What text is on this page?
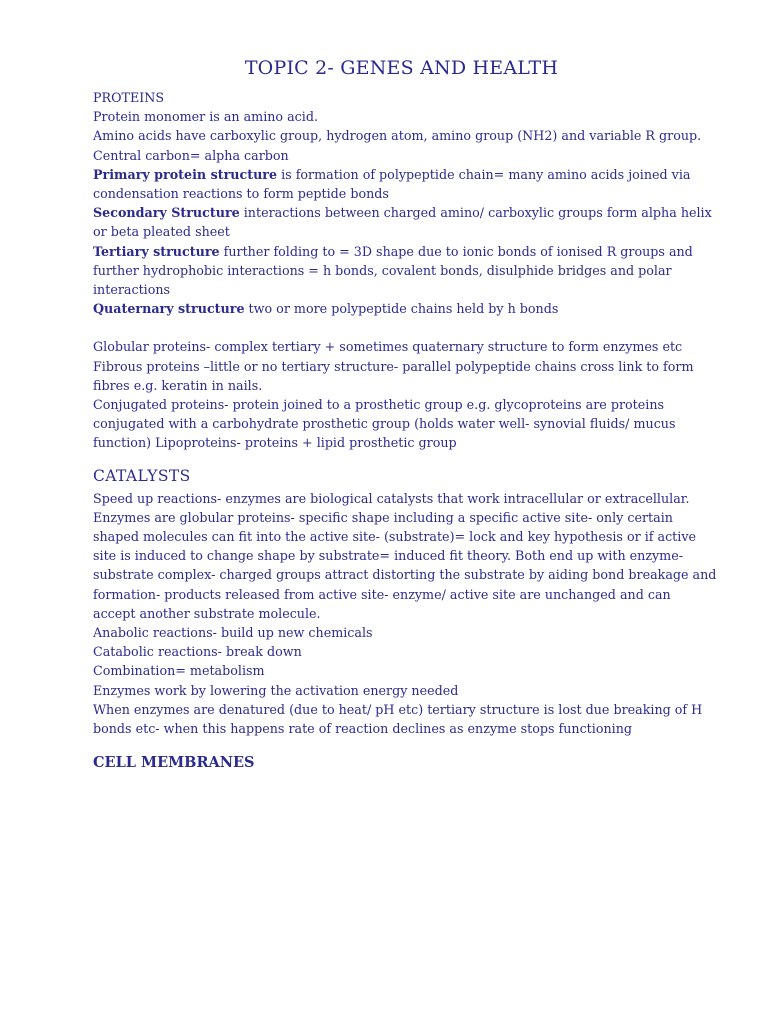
TOPIC 2- GENES AND HEALTH
PROTEINS
Protein monomer is an amino acid.
Amino acids have carboxylic group, hydrogen atom, amino group (NH2) and variable R group.
Central carbon= alpha carbon
Primary protein structure is formation of polypeptide chain= many amino acids joined via
condensation reactions to form peptide bonds
Secondary Structure interactions between charged amino/ carboxylic groups form alpha helix
or beta pleated sheet
Tertiary structure further folding to = 3D shape due to ionic bonds of ionised R groups and
further hydrophobic interactions = h bonds, covalent bonds, disulphide bridges and polar
interactions
Quaternary structure two or more polypeptide chains held by h bonds
Globular proteins- complex tertiary + sometimes quaternary structure to form enzymes etc
Fibrous proteins –little or no tertiary structure- parallel polypeptide chains cross link to form
fibres e.g. keratin in nails.
Conjugated proteins- protein joined to a prosthetic group e.g. glycoproteins are proteins
conjugated with a carbohydrate prosthetic group (holds water well- synovial fluids/ mucus
function) Lipoproteins- proteins + lipid prosthetic group
CATALYSTS
Speed up reactions- enzymes are biological catalysts that work intracellular or extracellular.
Enzymes are globular proteins- specific shape including a specific active site- only certain
shaped molecules can fit into the active site- (substrate)= lock and key hypothesis or if active
site is induced to change shape by substrate= induced fit theory. Both end up with enzyme-
substrate complex- charged groups attract distorting the substrate by aiding bond breakage and
formation- products released from active site- enzyme/ active site are unchanged and can
accept another substrate molecule.
Anabolic reactions- build up new chemicals
Catabolic reactions- break down
Combination= metabolism
Enzymes work by lowering the activation energy needed
When enzymes are denatured (due to heat/ pH etc) tertiary structure is lost due breaking of H
bonds etc- when this happens rate of reaction declines as enzyme stops functioning
CELL MEMBRANES
